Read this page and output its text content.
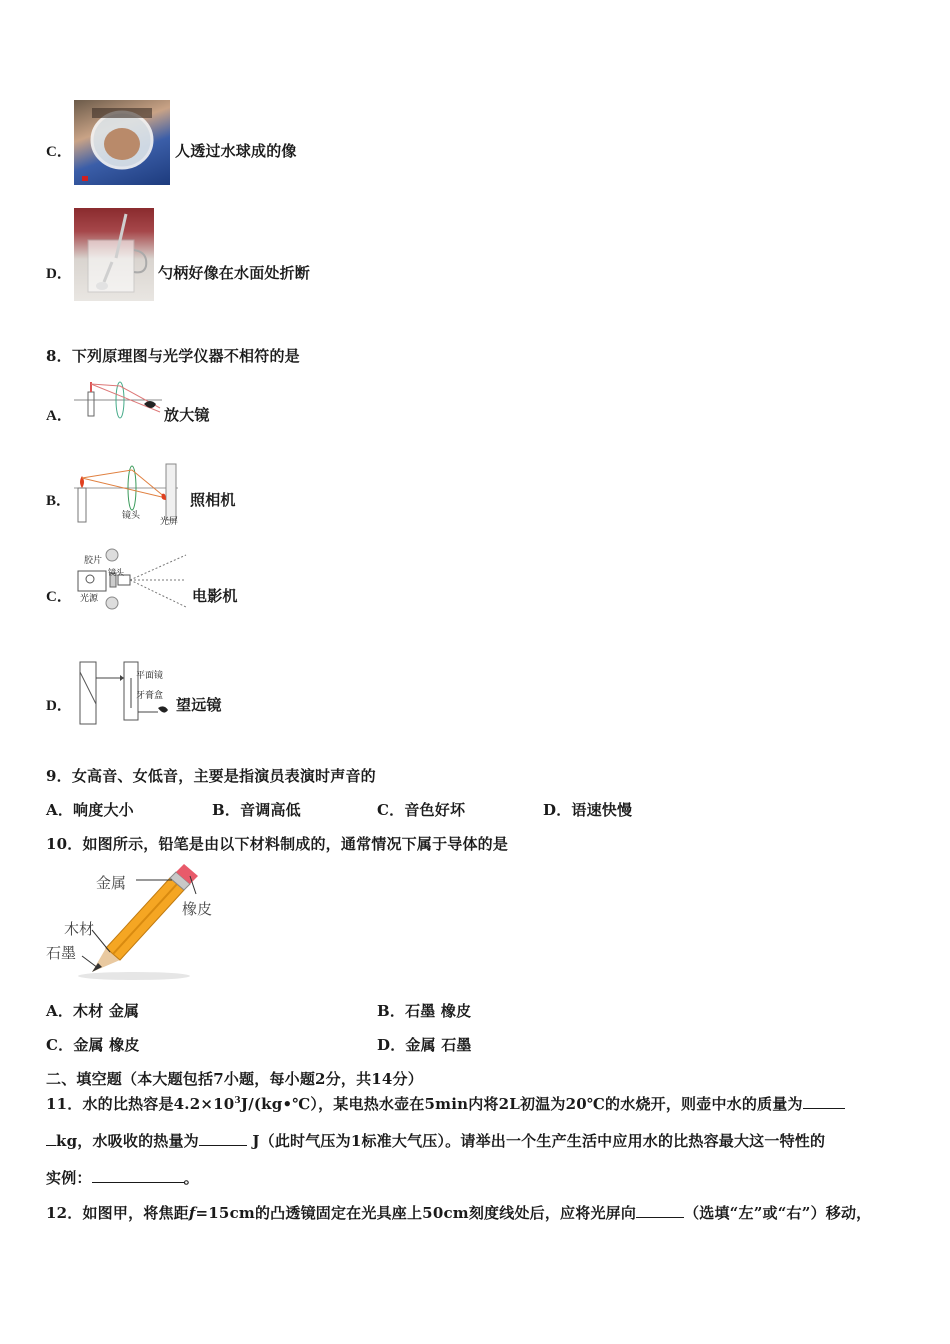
C．	人透过水球成的像
D．	勺柄好像在水面处折断
8．下列原理图与光学仪器不相符的是
A．	放大镜
B．
镜头
光屏
照相机
C．
胶片
镜头
光源	电影机
D．
平面镜
牙膏盒 望远镜
9．女高音、女低音，主要是指演员表演时声音的
A．响度大小	B．音调高低	C．音色好坏	D．语速快慢
10．如图所示，铅笔是由以下材料制成的，通常情况下属于导体的是
金属
橡皮
木材
石墨
A．木材 金属	B．石墨 橡皮
C．金属 橡皮	D．金属 石墨
二、填空题（本大题包括7小题，每小题2分，共14分）
11．水的比热容是$4.2\times 10^3J/(kg•℃)$，某电热水壶在5min内将2L初温为20℃的水烧开，则壶中水的质量为
kg，水吸收的热量为	J（此时气压为1标准大气压）。请举出一个生产生活中应用水的比热容最大这一特性的
实例：	。
12．如图甲，将焦距f=15cm的凸透镜固定在光具座上50cm刻度线处后，应将光屏向	（选填“左”或“右”）移动，
